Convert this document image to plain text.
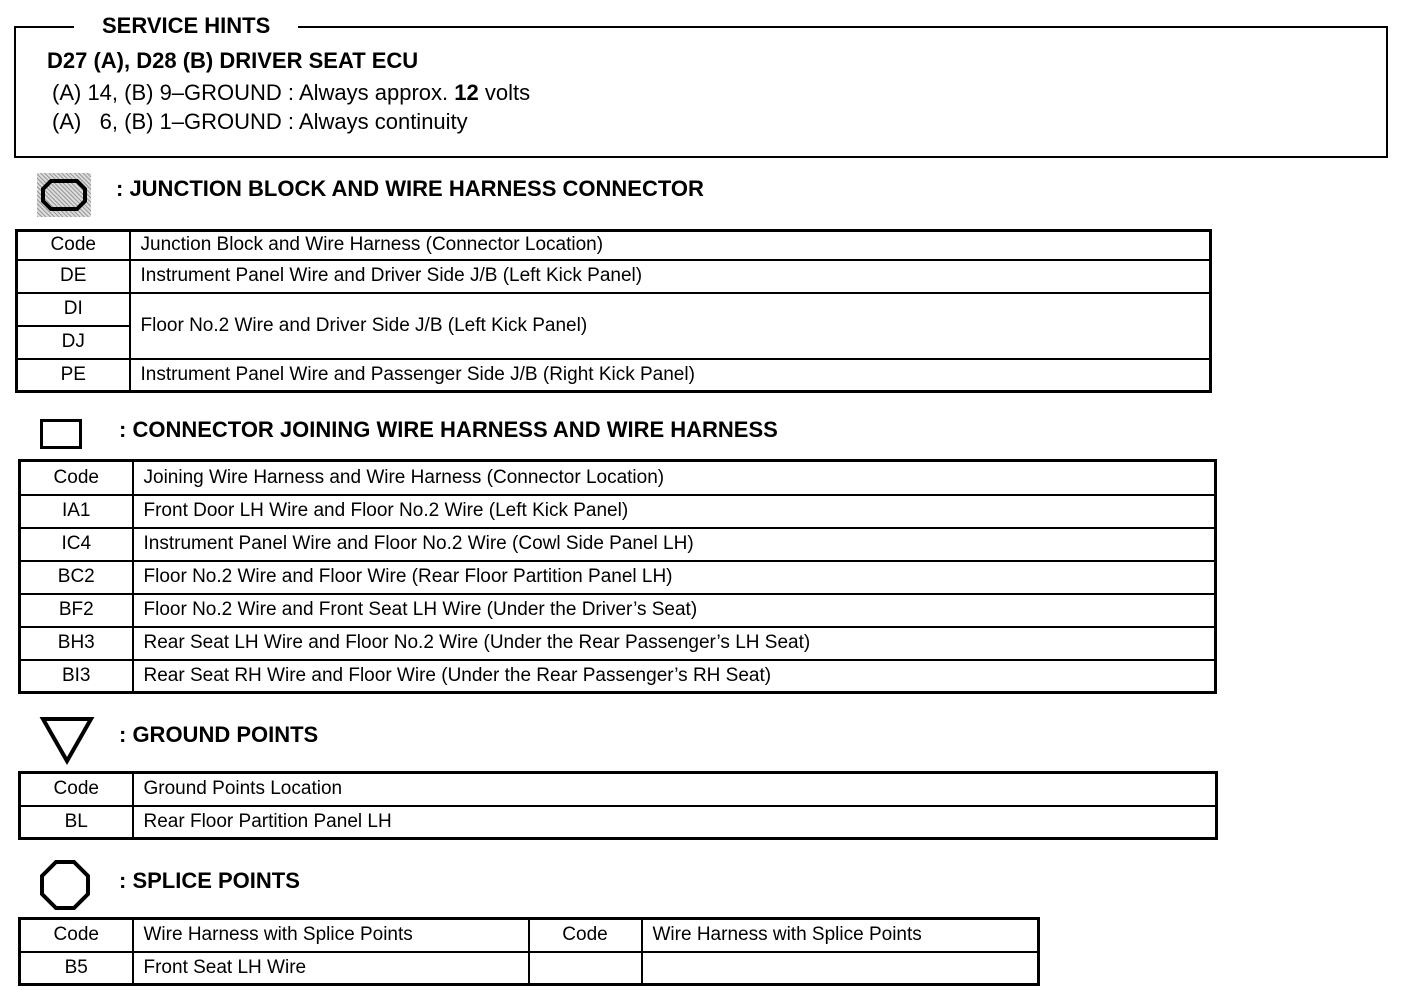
SERVICE HINTS
D27 (A), D28 (B) DRIVER SEAT ECU
(A) 14, (B) 9–GROUND : Always approx. 12 volts
(A)   6, (B) 1–GROUND : Always continuity
: JUNCTION BLOCK AND WIRE HARNESS CONNECTOR
Code	Junction Block and Wire Harness (Connector Location)
DE	Instrument Panel Wire and Driver Side J/B (Left Kick Panel)
DI	Floor No.2 Wire and Driver Side J/B (Left Kick Panel)
DJ	
PE	Instrument Panel Wire and Passenger Side J/B (Right Kick Panel)
: CONNECTOR JOINING WIRE HARNESS AND WIRE HARNESS
Code	Joining Wire Harness and Wire Harness (Connector Location)
IA1	Front Door LH Wire and Floor No.2 Wire (Left Kick Panel)
IC4	Instrument Panel Wire and Floor No.2 Wire (Cowl Side Panel LH)
BC2	Floor No.2 Wire and Floor Wire (Rear Floor Partition Panel LH)
BF2	Floor No.2 Wire and Front Seat LH Wire (Under the Driver’s Seat)
BH3	Rear Seat LH Wire and Floor No.2 Wire (Under the Rear Passenger’s LH Seat)
BI3	Rear Seat RH Wire and Floor Wire (Under the Rear Passenger’s RH Seat)
: GROUND POINTS
Code	Ground Points Location
BL	Rear Floor Partition Panel LH
: SPLICE POINTS
Code	Wire Harness with Splice Points	Code	Wire Harness with Splice Points
B5	Front Seat LH Wire		
